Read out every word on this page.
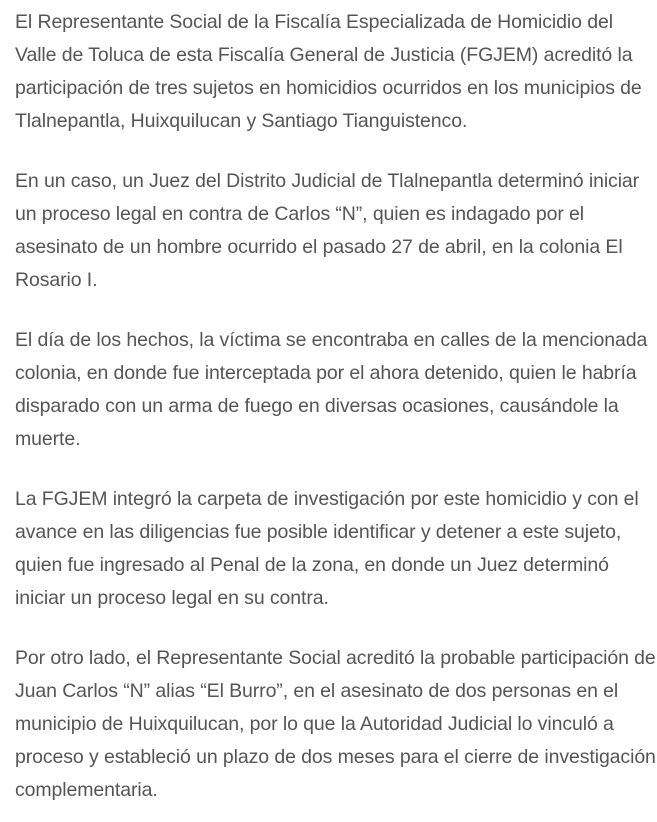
El Representante Social de la Fiscalía Especializada de Homicidio del Valle de Toluca de esta Fiscalía General de Justicia (FGJEM) acreditó la participación de tres sujetos en homicidios ocurridos en los municipios de Tlalnepantla, Huixquilucan y Santiago Tianguistenco.

En un caso, un Juez del Distrito Judicial de Tlalnepantla determinó iniciar un proceso legal en contra de Carlos “N”, quien es indagado por el asesinato de un hombre ocurrido el pasado 27 de abril, en la colonia El Rosario I.

El día de los hechos, la víctima se encontraba en calles de la mencionada colonia, en donde fue interceptada por el ahora detenido, quien le habría disparado con un arma de fuego en diversas ocasiones, causándole la muerte.

La FGJEM integró la carpeta de investigación por este homicidio y con el avance en las diligencias fue posible identificar y detener a este sujeto, quien fue ingresado al Penal de la zona, en donde un Juez determinó iniciar un proceso legal en su contra.

Por otro lado, el Representante Social acreditó la probable participación de Juan Carlos “N” alias “El Burro”, en el asesinato de dos personas en el municipio de Huixquilucan, por lo que la Autoridad Judicial lo vinculó a proceso y estableció un plazo de dos meses para el cierre de investigación complementaria.
